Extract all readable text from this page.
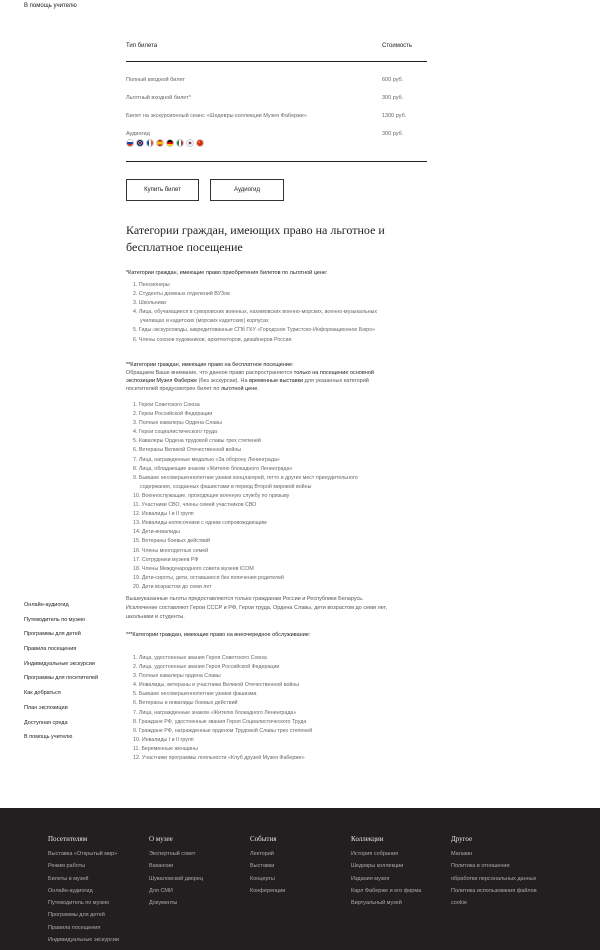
В помощь учителю
Тип билета	Стоимость
Полный входной билет	600 руб.
Льготный входной билет*	300 руб.
Билет на экскурсионный сеанс «Шедевры коллекции Музея Фаберже»	1300 руб.
Аудиогид	300 руб.
Купить билет	Аудиогид
Категории граждан, имеющих право на льготное и бесплатное посещение
*Категории граждан, имеющие право приобретения билетов по льготной цене:
1. Пенсионеры
2. Студенты дневных отделений ВУЗов
3. Школьники
4. Лица, обучающиеся в суворовских военных, нахимовских военно-морских, военно-музыкальных
училищах и кадетских (морских кадетских) корпусах
5. Гиды-экскурсоводы, аккредитованные СПб ГКУ «Городское Туристско-Информационное Бюро»
6. Члены союзов художников, архитекторов, дизайнеров России
**Категории граждан, имеющие право на бесплатное посещение:
Обращаем Ваше внимание, что данное право распространяется только на посещение основной
экспозиции Музея Фаберже (без экскурсии). На временные выставки для указанных категорий
посетителей предусмотрен билет по льготной цене.
1. Герои Советского Союза
2. Герои Российской Федерации
3. Полные кавалеры Ордена Славы
4. Герои социалистического труда
5. Кавалеры Ордена трудовой славы трех степеней
6. Ветераны Великой Отечественной войны
7. Лица, награжденные медалью «За оборону Ленинграда»
8. Лица, обладающие знаком «Жителю блокадного Ленинграда»
9. Бывшие несовершеннолетние узники концлагерей, гетто и других мест принудительного
содержания, созданных фашистами в период Второй мировой войны
10. Военнослужащие, проходящие военную службу по призыву
11. Участники СВО, члены семей участников СВО
12. Инвалиды I и II групп
13. Инвалиды-колясочники с одним сопровождающим
14. Дети-инвалиды
15. Ветераны боевых действий
16. Члены многодетных семей
17. Сотрудники музеев РФ
18. Члены Международного совета музеев ICOM
19. Дети-сироты, дети, оставшиеся без попечения родителей
20. Дети возрастом до семи лет
Вышеуказанные льготы предоставляются только гражданам России и Республики Беларусь.
Исключение составляют Герои СССР и РФ, Герои труда, Ордена Славы, дети возрастом до семи лет,
школьники и студенты.
***Категории граждан, имеющие право на внеочередное обслуживание:
1. Лица, удостоенные звания Героя Советского Союза
2. Лица, удостоенные звания Героя Российской Федерации
3. Полные кавалеры ордена Славы
4. Инвалиды, ветераны и участники Великой Отечественной войны
5. Бывшие несовершеннолетние узники фашизма
6. Ветераны и инвалиды боевых действий
7. Лица, награжденные знаком «Жителю блокадного Ленинграда»
8. Граждане РФ, удостоенные звания Героя Социалистического Труда
9. Граждане РФ, награжденные орденом Трудовой Славы трех степеней
10. Инвалиды I и II групп
11. Беременные женщины
12. Участники программы лояльности «Клуб друзей Музея Фаберже»
Онлайн-аудиогид
Путеводитель по музею
Программы для детей
Правила посещения
Индивидуальные экскурсии
Программы для посетителей
Как добраться
План экспозиции
Доступная среда
В помощь учителю
Посетителям
Выставка «Открытый мир»
Режим работы
Билеты в музей
Онлайн-аудиогид
Путеводитель по музею
Программы для детей
Правила посещения
Индивидуальные экскурсии
О музее
Экспертный совет
Вакансии
Шуваловский дворец
Для СМИ
Документы
События
Лекторий
Выставки
Концерты
Конференции
Коллекции
История собрания
Шедевры коллекции
Издания музея
Карл Фаберже и его фирма
Виртуальный музей
Другое
Магазин
Политика в отношении
обработки персональных данных
Политика использования файлов
cookie
